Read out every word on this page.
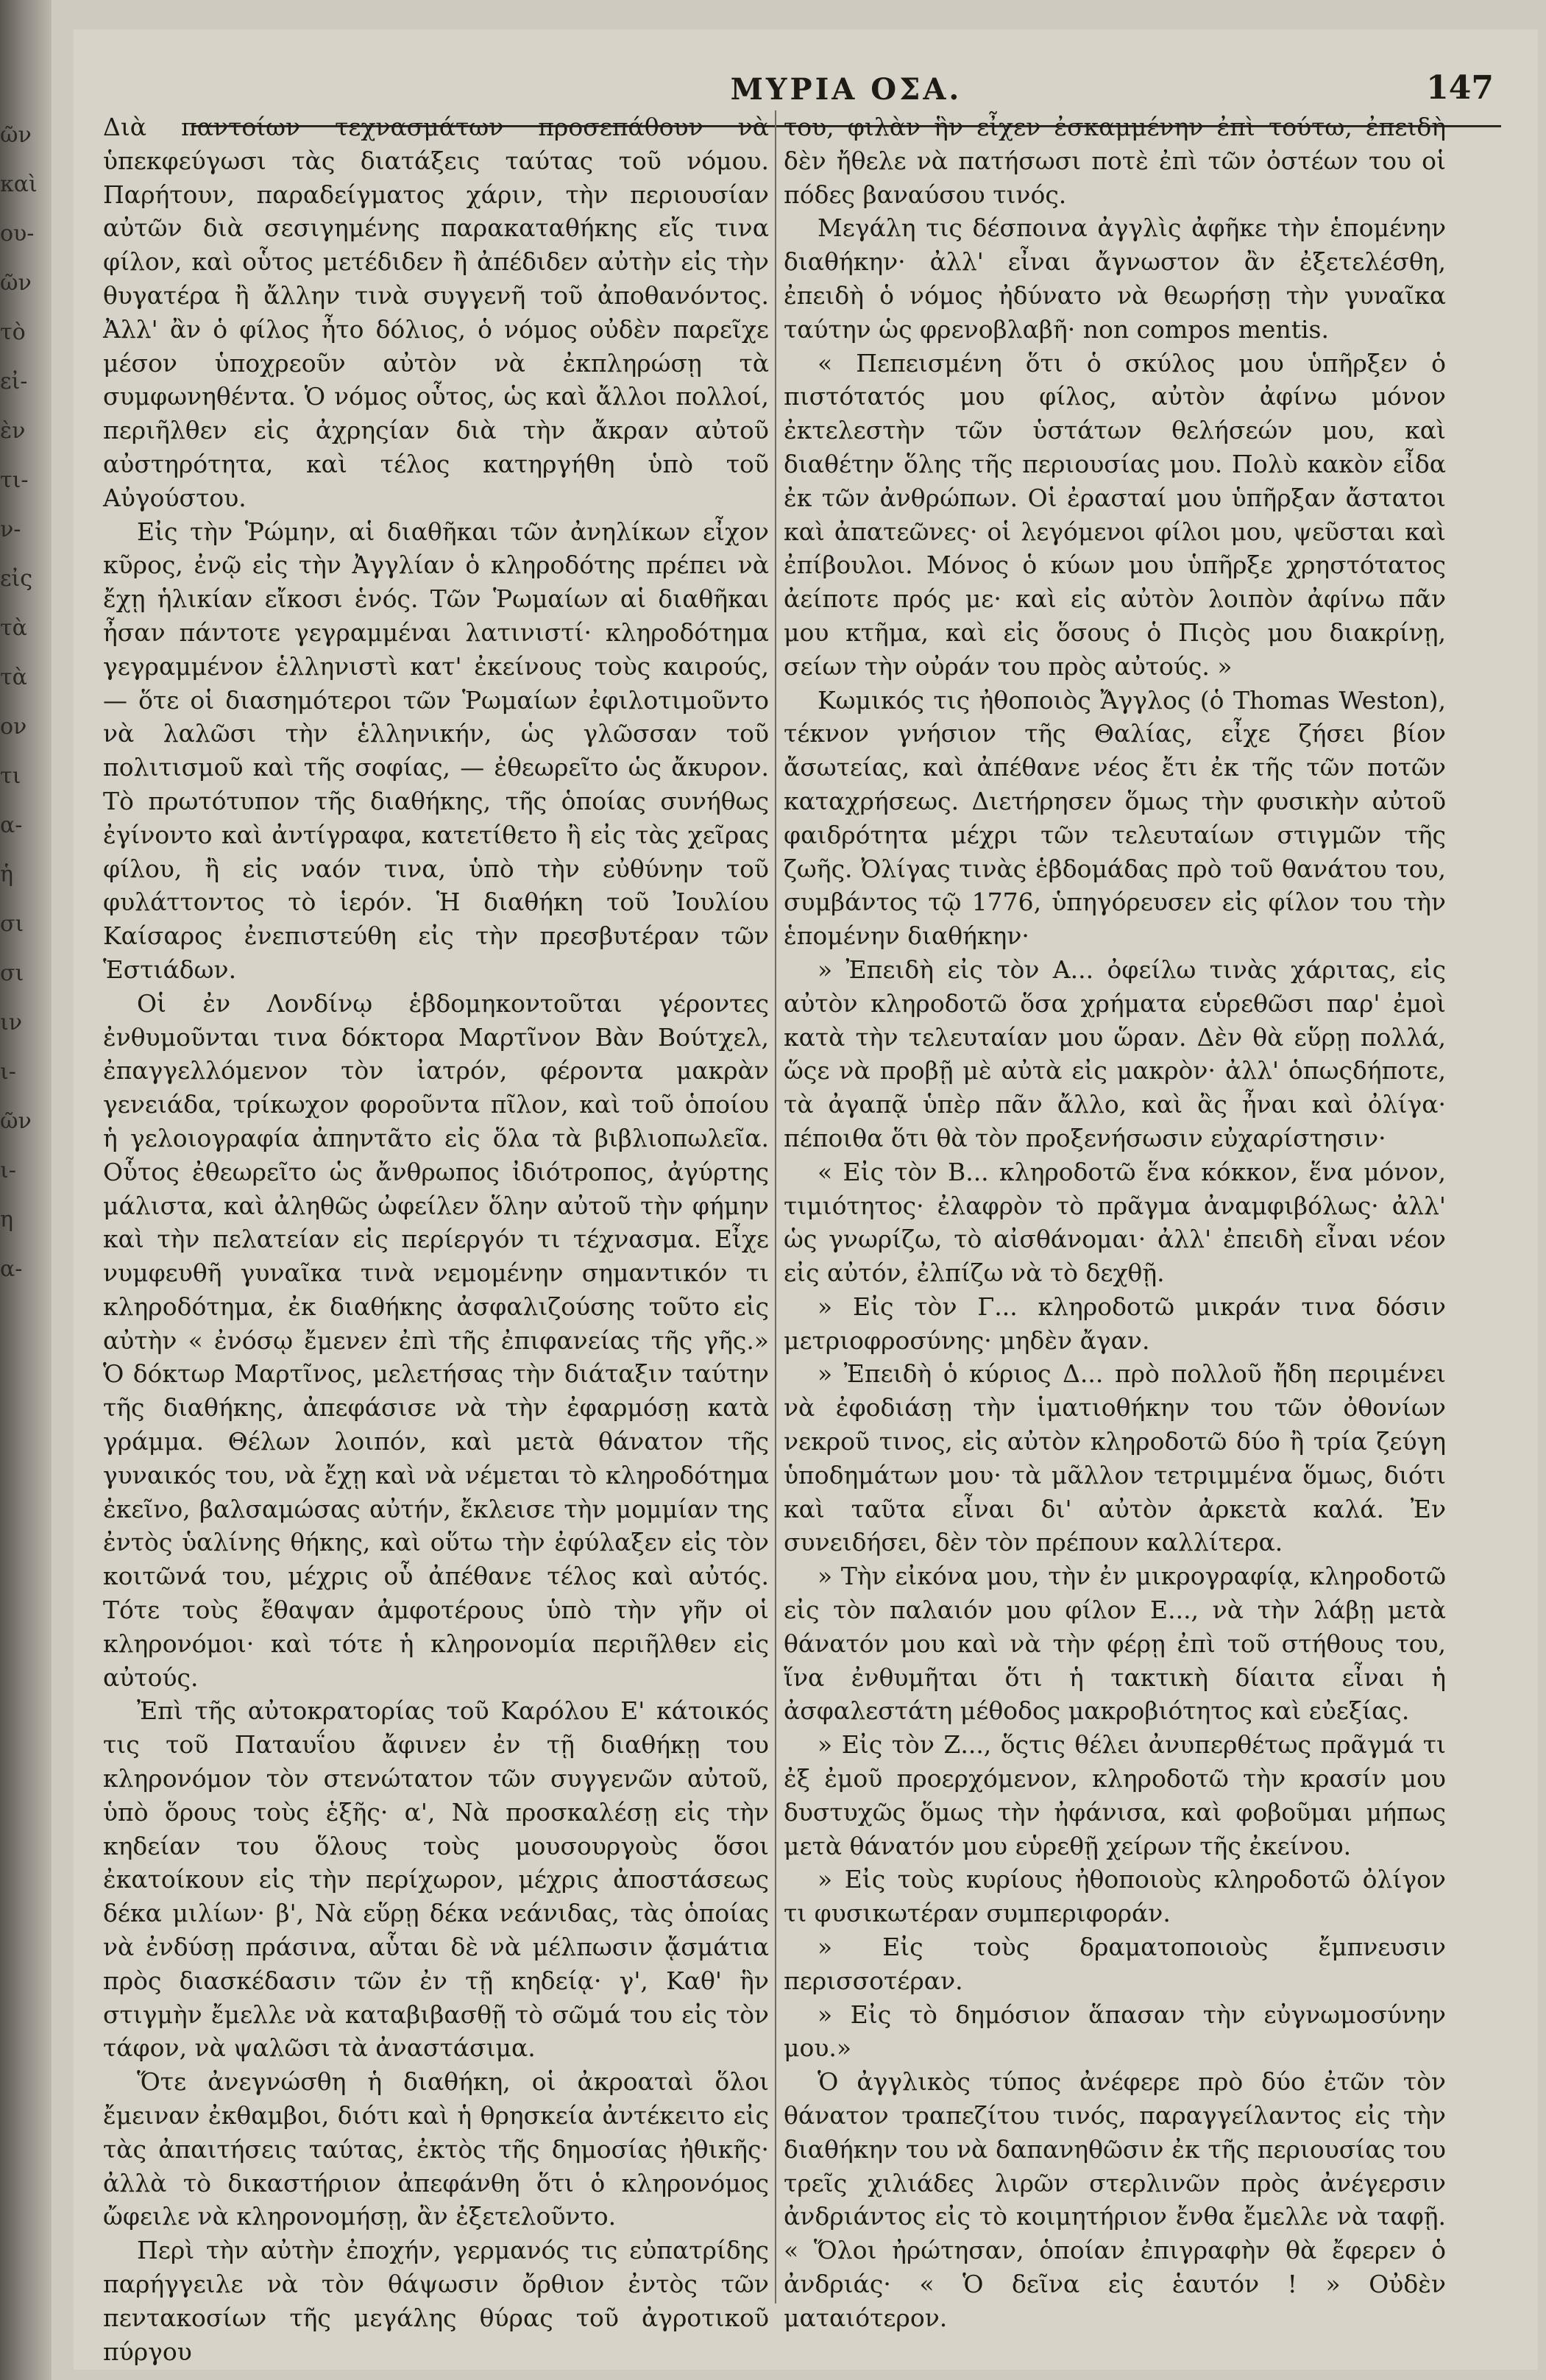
ῶν
καὶ
ου-
ῶν
τὸ
εἰ-
ὲν
τι-
ν-
εἰς
τὰ
τὰ
ον
τι
α-
ἡ
σι
σι
ιν
ι-
ῶν
ι-
η
α-
ΜΥΡΙΑ ΟΣΑ.	147

Διὰ παντοίων τεχνασμάτων προσεπάθουν νὰ ὑπεκφεύγωσι τὰς διατάξεις ταύτας τοῦ νόμου. Παρήτουν, παραδείγματος χάριν, τὴν περιουσίαν αὐτῶν διὰ σεσιγημένης παρακαταθήκης εἴς τινα φίλον, καὶ οὗτος μετέδιδεν ἢ ἀπέδιδεν αὐτὴν εἰς τὴν θυγατέρα ἢ ἄλλην τινὰ συγγενῆ τοῦ ἀποθανόντος. Ἀλλ' ἂν ὁ φίλος ἦτο δόλιος, ὁ νόμος οὐδὲν παρεῖχε μέσον ὑποχρεοῦν αὐτὸν νὰ ἐκπληρώσῃ τὰ συμφωνηθέντα. Ὁ νόμος οὗτος, ὡς καὶ ἄλλοι πολλοί, περιῆλθεν εἰς ἀχρηςίαν διὰ τὴν ἄκραν αὐτοῦ αὐστηρότητα, καὶ τέλος κατηργήθη ὑπὸ τοῦ Αὐγούστου.

Εἰς τὴν Ῥώμην, αἱ διαθῆκαι τῶν ἀνηλίκων εἶχον κῦρος, ἐνῷ εἰς τὴν Ἀγγλίαν ὁ κληροδότης πρέπει νὰ ἔχῃ ἡλικίαν εἴκοσι ἑνός. Τῶν Ῥωμαίων αἱ διαθῆκαι ἦσαν πάντοτε γεγραμμέναι λατινιστί· κληροδότημα γεγραμμένον ἑλληνιστὶ κατ' ἐκείνους τοὺς καιρούς, — ὅτε οἱ διασημότεροι τῶν Ῥωμαίων ἐφιλοτιμοῦντο νὰ λαλῶσι τὴν ἑλληνικήν, ὡς γλῶσσαν τοῦ πολιτισμοῦ καὶ τῆς σοφίας, — ἐθεωρεῖτο ὡς ἄκυρον. Τὸ πρωτότυπον τῆς διαθήκης, τῆς ὁποίας συνήθως ἐγίνοντο καὶ ἀντίγραφα, κατετίθετο ἢ εἰς τὰς χεῖρας φίλου, ἢ εἰς ναόν τινα, ὑπὸ τὴν εὐθύνην τοῦ φυλάττοντος τὸ ἱερόν. Ἡ διαθήκη τοῦ Ἰουλίου Καίσαρος ἐνεπιστεύθη εἰς τὴν πρεσβυτέραν τῶν Ἑστιάδων.

Οἱ ἐν Λονδίνῳ ἑβδομηκοντοῦται γέροντες ἐνθυμοῦνται τινα δόκτορα Μαρτῖνον Βὰν Βούτχελ, ἐπαγγελλόμενον τὸν ἰατρόν, φέροντα μακρὰν γενειάδα, τρίκωχον φοροῦντα πῖλον, καὶ τοῦ ὁποίου ἡ γελοιογραφία ἀπηντᾶτο εἰς ὅλα τὰ βιβλιοπωλεῖα. Οὗτος ἐθεωρεῖτο ὡς ἄνθρωπος ἰδιότροπος, ἀγύρτης μάλιστα, καὶ ἀληθῶς ὠφείλεν ὅλην αὐτοῦ τὴν φήμην καὶ τὴν πελατείαν εἰς περίεργόν τι τέχνασμα. Εἶχε νυμφευθῆ γυναῖκα τινὰ νεμομένην σημαντικόν τι κληροδότημα, ἐκ διαθήκης ἀσφαλιζούσης τοῦτο εἰς αὐτὴν « ἐνόσῳ ἔμενεν ἐπὶ τῆς ἐπιφανείας τῆς γῆς.» Ὁ δόκτωρ Μαρτῖνος, μελετήσας τὴν διάταξιν ταύτην τῆς διαθήκης, ἀπεφάσισε νὰ τὴν ἐφαρμόσῃ κατὰ γράμμα. Θέλων λοιπόν, καὶ μετὰ θάνατον τῆς γυναικός του, νὰ ἔχῃ καὶ νὰ νέμεται τὸ κληροδότημα ἐκεῖνο, βαλσαμώσας αὐτήν, ἔκλεισε τὴν μομμίαν της ἐντὸς ὑαλίνης θήκης, καὶ οὕτω τὴν ἐφύλαξεν εἰς τὸν κοιτῶνά του, μέχρις οὗ ἀπέθανε τέλος καὶ αὐτός. Τότε τοὺς ἔθαψαν ἀμφοτέρους ὑπὸ τὴν γῆν οἱ κληρονόμοι· καὶ τότε ἡ κληρονομία περιῆλθεν εἰς αὐτούς.

Ἐπὶ τῆς αὐτοκρατορίας τοῦ Καρόλου Ε' κάτοικός τις τοῦ Παταυΐου ἄφινεν ἐν τῇ διαθήκῃ του κληρονόμον τὸν στενώτατον τῶν συγγενῶν αὐτοῦ, ὑπὸ ὅρους τοὺς ἑξῆς· α', Νὰ προσκαλέσῃ εἰς τὴν κηδείαν του ὅλους τοὺς μουσουργοὺς ὅσοι ἐκατοίκουν εἰς τὴν περίχωρον, μέχρις ἀποστάσεως δέκα μιλίων· β', Νὰ εὕρῃ δέκα νεάνιδας, τὰς ὁποίας νὰ ἐνδύσῃ πράσινα, αὗται δὲ νὰ μέλπωσιν ᾄσμάτια πρὸς διασκέδασιν τῶν ἐν τῇ κηδείᾳ· γ', Καθ' ἣν στιγμὴν ἔμελλε νὰ καταβιβασθῇ τὸ σῶμά του εἰς τὸν τάφον, νὰ ψαλῶσι τὰ ἀναστάσιμα.

Ὅτε ἀνεγνώσθη ἡ διαθήκη, οἱ ἀκροαταὶ ὅλοι ἔμειναν ἐκθαμβοι, διότι καὶ ἡ θρησκεία ἀντέκειτο εἰς τὰς ἀπαιτήσεις ταύτας, ἐκτὸς τῆς δημοσίας ἠθικῆς· ἀλλὰ τὸ δικαστήριον ἀπεφάνθη ὅτι ὁ κληρονόμος ὤφειλε νὰ κληρονομήσῃ, ἂν ἐξετελοῦντο.

Περὶ τὴν αὐτὴν ἐποχήν, γερμανός τις εὐπατρίδης παρήγγειλε νὰ τὸν θάψωσιν ὄρθιον ἐντὸς τῶν πεντακοσίων τῆς μεγάλης θύρας τοῦ ἀγροτικοῦ πύργου

του, φιλὰν ἣν εἶχεν ἐσκαμμένην ἐπὶ τούτω, ἐπειδὴ δὲν ἤθελε νὰ πατήσωσι ποτὲ ἐπὶ τῶν ὀστέων του οἱ πόδες βαναύσου τινός.

Μεγάλη τις δέσποινα ἀγγλὶς ἀφῆκε τὴν ἑπομένην διαθήκην· ἀλλ' εἶναι ἄγνωστον ἂν ἐξετελέσθη, ἐπειδὴ ὁ νόμος ἠδύνατο νὰ θεωρήσῃ τὴν γυναῖκα ταύτην ὡς φρενοβλαβῆ· non compos mentis.

« Πεπεισμένη ὅτι ὁ σκύλος μου ὑπῆρξεν ὁ πιστότατός μου φίλος, αὐτὸν ἀφίνω μόνον ἐκτελεστὴν τῶν ὑστάτων θελήσεών μου, καὶ διαθέτην ὅλης τῆς περιουσίας μου. Πολὺ κακὸν εἶδα ἐκ τῶν ἀνθρώπων. Οἱ ἐρασταί μου ὑπῆρξαν ἄστατοι καὶ ἀπατεῶνες· οἱ λεγόμενοι φίλοι μου, ψεῦσται καὶ ἐπίβουλοι. Μόνος ὁ κύων μου ὑπῆρξε χρηστότατος ἀείποτε πρός με· καὶ εἰς αὐτὸν λοιπὸν ἀφίνω πᾶν μου κτῆμα, καὶ εἰς ὅσους ὁ Πιςὸς μου διακρίνῃ, σείων τὴν οὐράν του πρὸς αὐτούς. »

Κωμικός τις ἠθοποιὸς Ἄγγλος (ὁ Thomas Weston), τέκνον γνήσιον τῆς Θαλίας, εἶχε ζήσει βίον ἄσωτείας, καὶ ἀπέθανε νέος ἔτι ἐκ τῆς τῶν ποτῶν καταχρήσεως. Διετήρησεν ὅμως τὴν φυσικὴν αὐτοῦ φαιδρότητα μέχρι τῶν τελευταίων στιγμῶν τῆς ζωῆς. Ὀλίγας τινὰς ἑβδομάδας πρὸ τοῦ θανάτου του, συμβάντος τῷ 1776, ὑπηγόρευσεν εἰς φίλον του τὴν ἑπομένην διαθήκην·

» Ἐπειδὴ εἰς τὸν Α... ὀφείλω τινὰς χάριτας, εἰς αὐτὸν κληροδοτῶ ὅσα χρήματα εὑρεθῶσι παρ' ἐμοὶ κατὰ τὴν τελευταίαν μου ὥραν. Δὲν θὰ εὕρῃ πολλά, ὥςε νὰ προβῇ μὲ αὐτὰ εἰς μακρὸν· ἀλλ' ὁπωςδήποτε, τὰ ἀγαπᾷ ὑπὲρ πᾶν ἄλλο, καὶ ἂς ἦναι καὶ ὀλίγα· πέποιθα ὅτι θὰ τὸν προξενήσωσιν εὐχαρίστησιν·

« Εἰς τὸν Β... κληροδοτῶ ἕνα κόκκον, ἕνα μόνον, τιμιότητος· ἐλαφρὸν τὸ πρᾶγμα ἀναμφιβόλως· ἀλλ' ὡς γνωρίζω, τὸ αἰσθάνομαι· ἀλλ' ἐπειδὴ εἶναι νέον εἰς αὐτόν, ἐλπίζω νὰ τὸ δεχθῇ.

» Εἰς τὸν Γ... κληροδοτῶ μικράν τινα δόσιν μετριοφροσύνης· μηδὲν ἄγαν.

» Ἐπειδὴ ὁ κύριος Δ... πρὸ πολλοῦ ἤδη περιμένει νὰ ἐφοδιάσῃ τὴν ἱματιοθήκην του τῶν ὀθονίων νεκροῦ τινος, εἰς αὐτὸν κληροδοτῶ δύο ἢ τρία ζεύγη ὑποδημάτων μου· τὰ μᾶλλον τετριμμένα ὅμως, διότι καὶ ταῦτα εἶναι δι' αὐτὸν ἀρκετὰ καλά. Ἐν συνειδήσει, δὲν τὸν πρέπουν καλλίτερα.

» Τὴν εἰκόνα μου, τὴν ἐν μικρογραφίᾳ, κληροδοτῶ εἰς τὸν παλαιόν μου φίλον Ε..., νὰ τὴν λάβῃ μετὰ θάνατόν μου καὶ νὰ τὴν φέρῃ ἐπὶ τοῦ στήθους του, ἵνα ἐνθυμῆται ὅτι ἡ τακτικὴ δίαιτα εἶναι ἡ ἀσφαλεστάτη μέθοδος μακροβιότητος καὶ εὐεξίας.

» Εἰς τὸν Ζ..., ὅςτις θέλει ἀνυπερθέτως πρᾶγμά τι ἐξ ἐμοῦ προερχόμενον, κληροδοτῶ τὴν κρασίν μου δυστυχῶς ὅμως τὴν ἠφάνισα, καὶ φοβοῦμαι μήπως μετὰ θάνατόν μου εὑρεθῇ χείρων τῆς ἐκείνου.

» Εἰς τοὺς κυρίους ἠθοποιοὺς κληροδοτῶ ὀλίγον τι φυσικωτέραν συμπεριφοράν.

» Εἰς τοὺς δραματοποιοὺς ἔμπνευσιν περισσοτέραν.

» Εἰς τὸ δημόσιον ἅπασαν τὴν εὐγνωμοσύνην μου.»

Ὁ ἀγγλικὸς τύπος ἀνέφερε πρὸ δύο ἐτῶν τὸν θάνατον τραπεζίτου τινός, παραγγείλαντος εἰς τὴν διαθήκην του νὰ δαπανηθῶσιν ἐκ τῆς περιουσίας του τρεῖς χιλιάδες λιρῶν στερλινῶν πρὸς ἀνέγερσιν ἀνδριάντος εἰς τὸ κοιμητήριον ἔνθα ἔμελλε νὰ ταφῇ. « Ὅλοι ἠρώτησαν, ὁποίαν ἐπιγραφὴν θὰ ἔφερεν ὁ ἀνδριάς· « Ὁ δεῖνα εἰς ἑαυτόν ! » Οὐδὲν ματαιότερον.
